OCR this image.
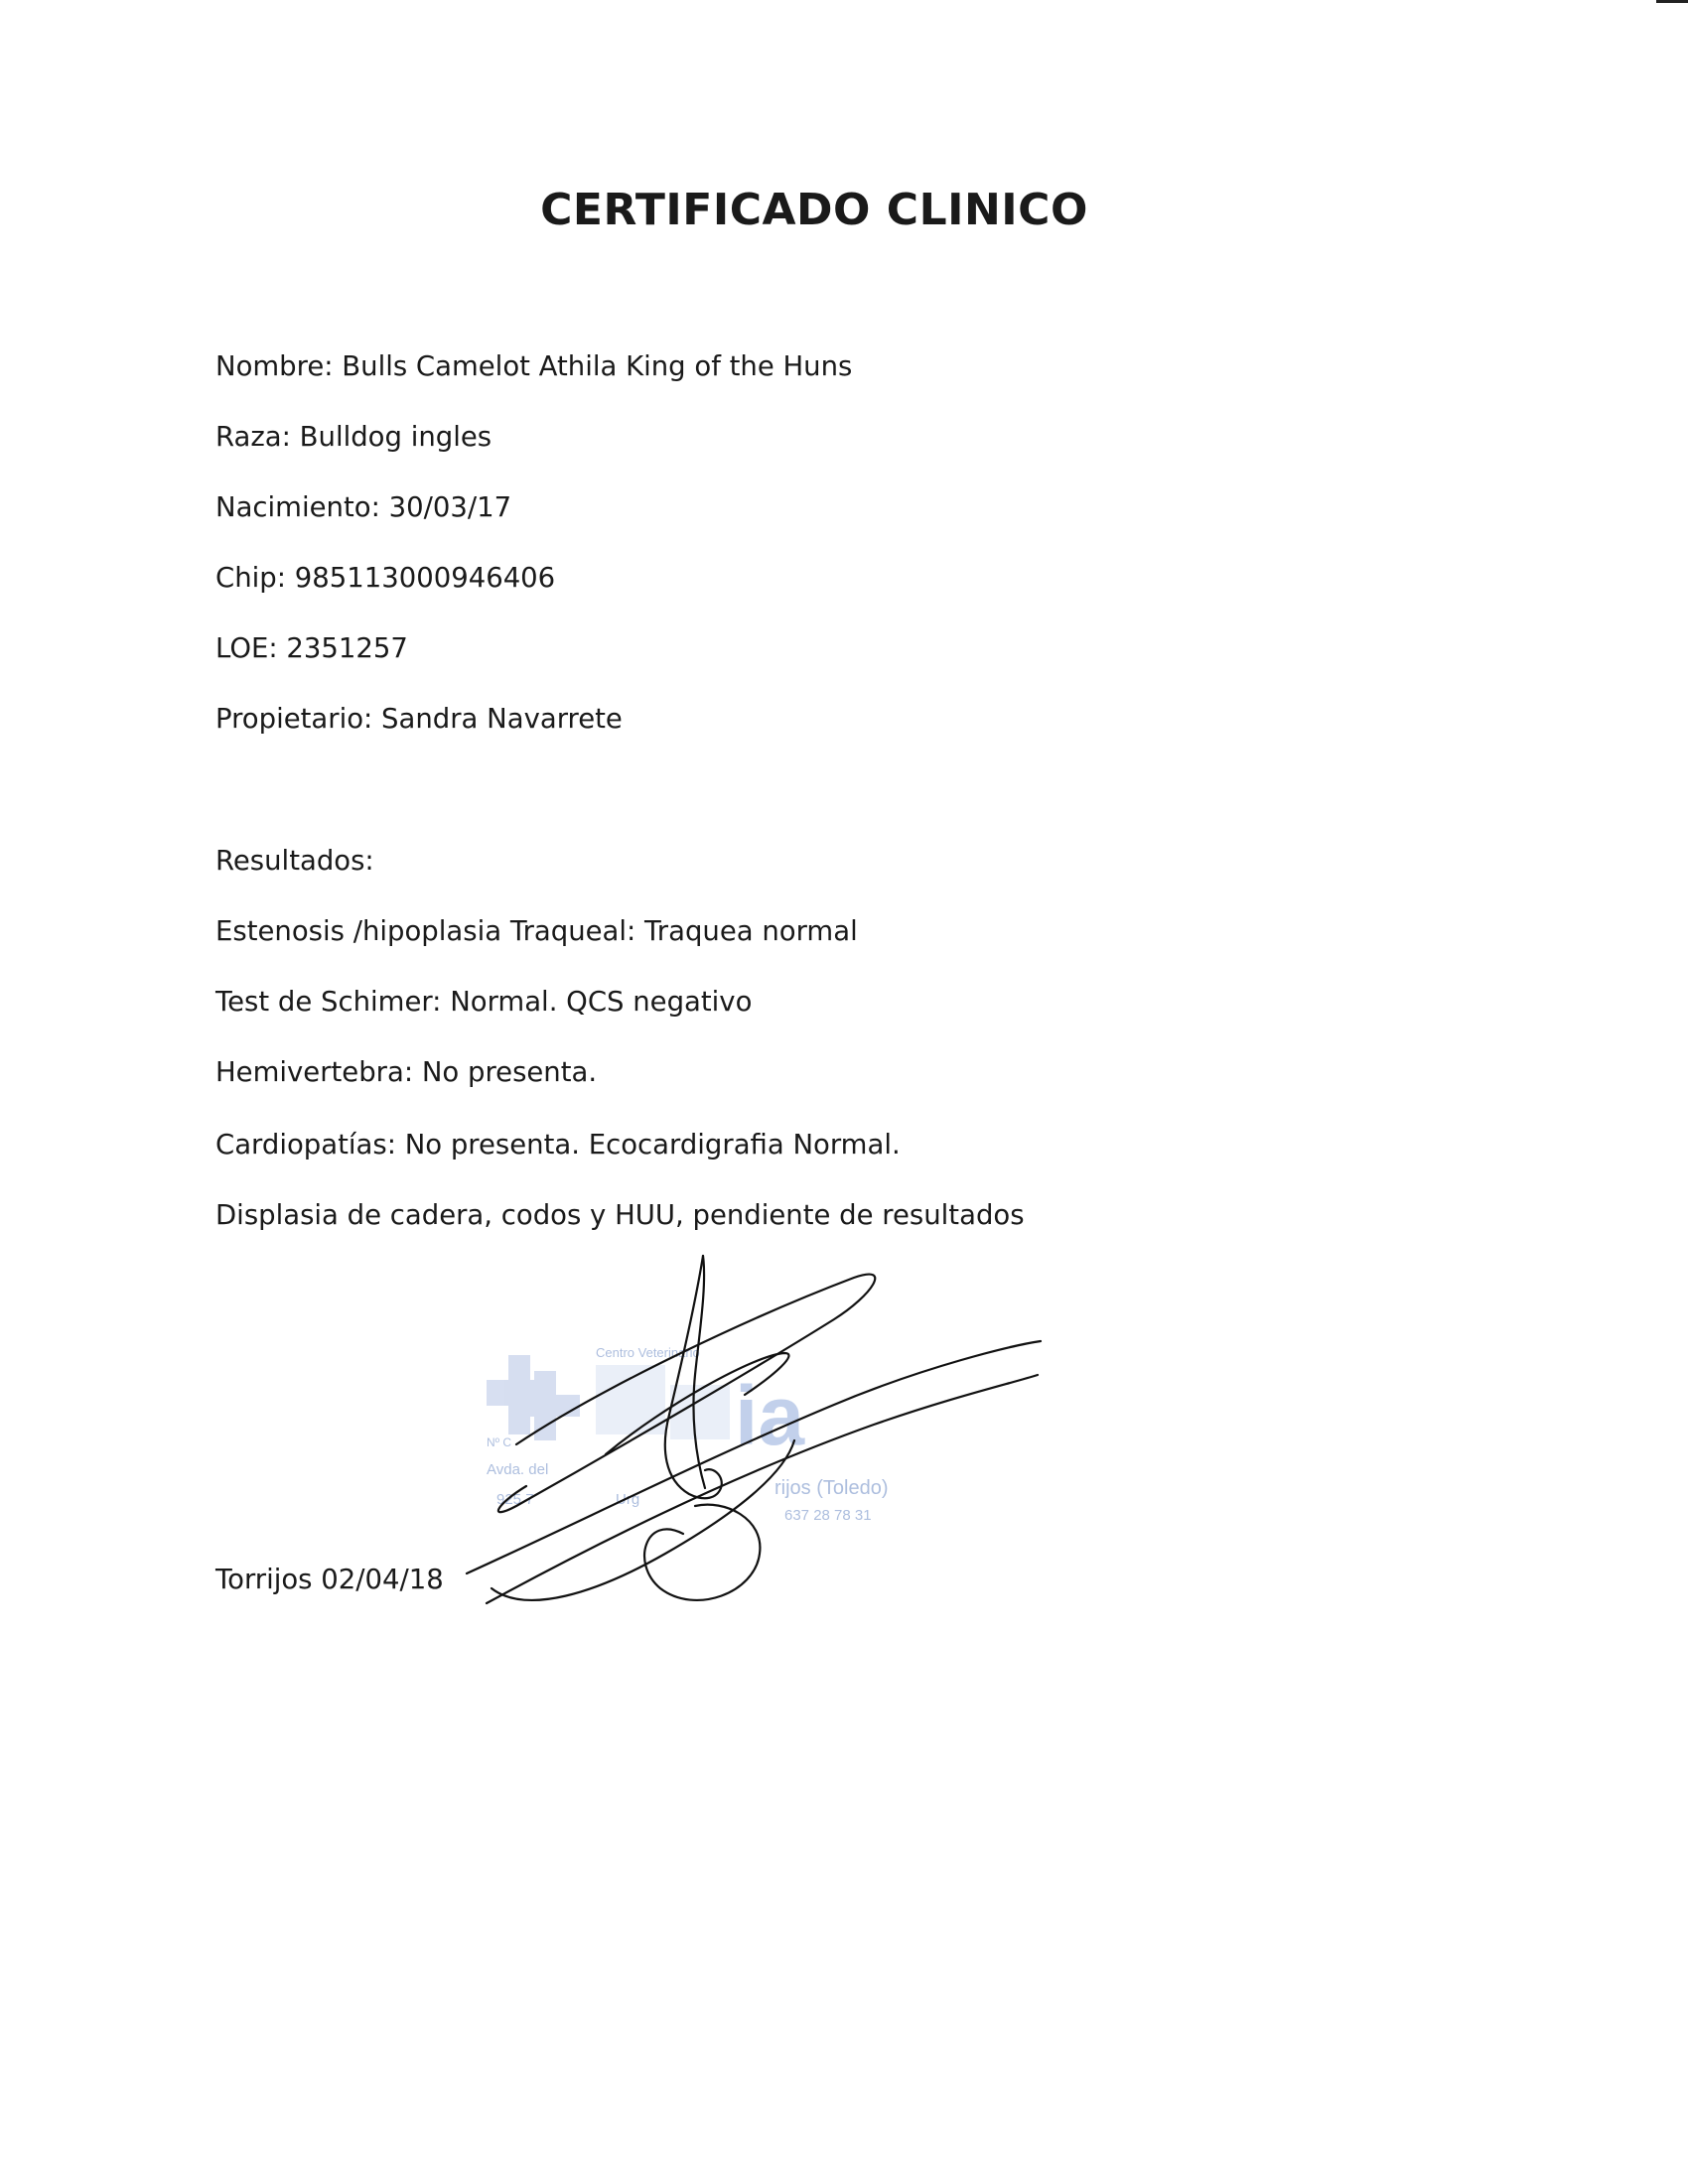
CERTIFICADO CLINICO
Nombre: Bulls Camelot Athila King of the Huns
Raza: Bulldog ingles
Nacimiento: 30/03/17
Chip: 985113000946406
LOE: 2351257
Propietario: Sandra Navarrete
Resultados:
Estenosis /hipoplasia Traqueal: Traquea normal
Test de Schimer: Normal. QCS negativo
Hemivertebra: No presenta.
Cardiopatías: No presenta. Ecocardigrafia Normal.
Displasia de cadera, codos y HUU, pendiente de resultados
ia
Centro Veterinario
Nº C
Avda. del
rijos (Toledo)
925 7	Urg
637 28 78 31
Torrijos 02/04/18
